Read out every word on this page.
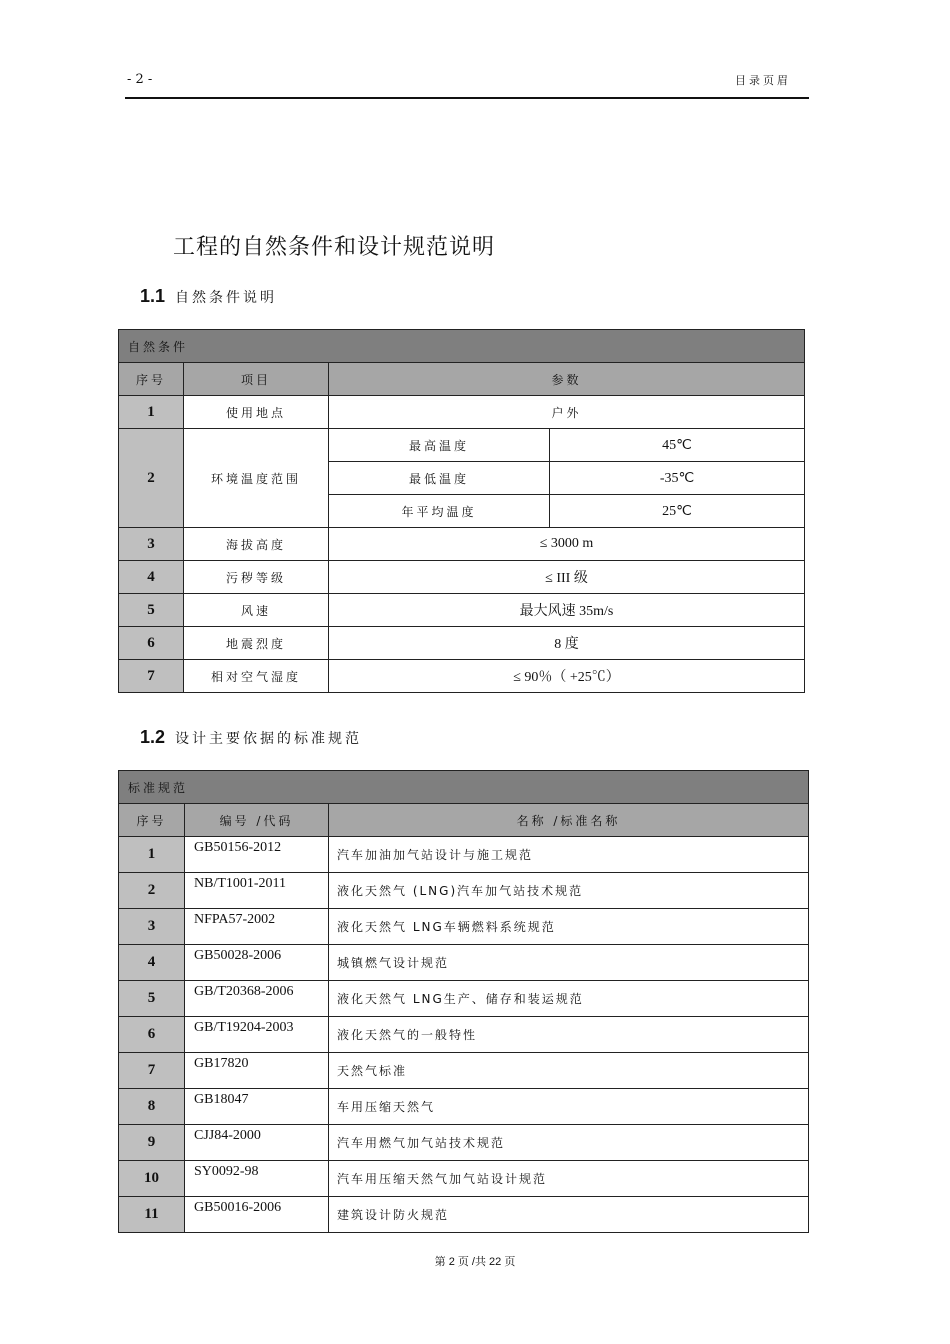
- 2 -	目录页眉
工程的自然条件和设计规范说明
1.1 自然条件说明
自然条件			
序号	项目	参数	
1	使用地点	户外	
2	环境温度范围	最高温度	45℃
		最低温度	-35℃
		年平均温度	25℃
3	海拔高度	≤ 3000 m	
4	污秽等级	≤ III 级	
5	风速	最大风速 35m/s	
6	地震烈度	8 度	
7	相对空气湿度	≤ 90％（ +25℃）	
1.2 设计主要依据的标准规范
标准规范		
序号	编号 /代码	名称 /标准名称
1	GB50156-2012	汽车加油加气站设计与施工规范
2	NB/T1001-2011	液化天然气 (LNG)汽车加气站技术规范
3	NFPA57-2002	液化天然气 LNG车辆燃料系统规范
4	GB50028-2006	城镇燃气设计规范
5	GB/T20368-2006	液化天然气 LNG生产、储存和装运规范
6	GB/T19204-2003	液化天然气的一般特性
7	GB17820	天然气标准
8	GB18047	车用压缩天然气
9	CJJ84-2000	汽车用燃气加气站技术规范
10	SY0092-98	汽车用压缩天然气加气站设计规范
11	GB50016-2006	建筑设计防火规范
第 2 页 /共 22 页
